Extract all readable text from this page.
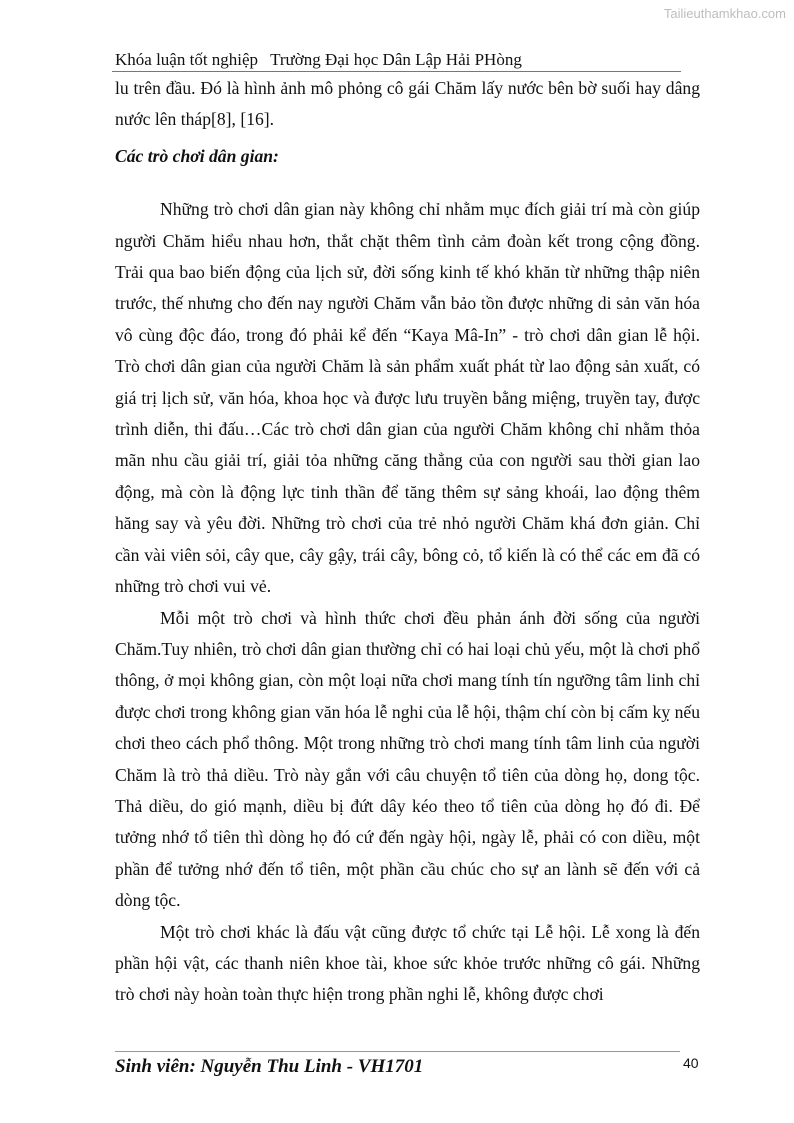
Tailieuthamkhao.com
Khóa luận tốt nghiệp Trường Đại học Dân Lập Hải PHòng

lu trên đầu. Đó là hình ảnh mô phỏng cô gái Chăm lấy nước bên bờ suối hay dâng nước lên tháp[8], [16].

Các trò chơi dân gian:

Những trò chơi dân gian này không chỉ nhằm mục đích giải trí mà còn giúp người Chăm hiểu nhau hơn, thắt chặt thêm tình cảm đoàn kết trong cộng đồng. Trải qua bao biến động của lịch sử, đời sống kinh tế khó khăn từ những thập niên trước, thế nhưng cho đến nay người Chăm vẫn bảo tồn được những di sản văn hóa vô cùng độc đáo, trong đó phải kể đến “Kaya Mâ-In” - trò chơi dân gian lễ hội. Trò chơi dân gian của người Chăm là sản phẩm xuất phát từ lao động sản xuất, có giá trị lịch sử, văn hóa, khoa học và được lưu truyền bằng miệng, truyền tay, được trình diễn, thi đấu…Các trò chơi dân gian của người Chăm không chỉ nhằm thỏa mãn nhu cầu giải trí, giải tỏa những căng thẳng của con người sau thời gian lao động, mà còn là động lực tinh thần để tăng thêm sự sảng khoái, lao động thêm hăng say và yêu đời. Những trò chơi của trẻ nhỏ người Chăm khá đơn giản. Chỉ cần vài viên sỏi, cây que, cây gậy, trái cây, bông cỏ, tổ kiến là có thể các em đã có những trò chơi vui vẻ.

Mỗi một trò chơi và hình thức chơi đều phản ánh đời sống của người Chăm.Tuy nhiên, trò chơi dân gian thường chỉ có hai loại chủ yếu, một là chơi phổ thông, ở mọi không gian, còn một loại nữa chơi mang tính tín ngưỡng tâm linh chỉ được chơi trong không gian văn hóa lễ nghi của lễ hội, thậm chí còn bị cấm kỵ nếu chơi theo cách phổ thông. Một trong những trò chơi mang tính tâm linh của người Chăm là trò thả diều. Trò này gắn với câu chuyện tổ tiên của dòng họ, dong tộc. Thả diều, do gió mạnh, diều bị đứt dây kéo theo tổ tiên của dòng họ đó đi. Để tưởng nhớ tổ tiên thì dòng họ đó cứ đến ngày hội, ngày lễ, phải có con diều, một phần để tưởng nhớ đến tổ tiên, một phần cầu chúc cho sự an lành sẽ đến với cả dòng tộc.

Một trò chơi khác là đấu vật cũng được tổ chức tại Lễ hội. Lễ xong là đến phần hội vật, các thanh niên khoe tài, khoe sức khỏe trước những cô gái. Những trò chơi này hoàn toàn thực hiện trong phần nghi lễ, không được chơi

Sinh viên: Nguyễn Thu Linh - VH1701	40
